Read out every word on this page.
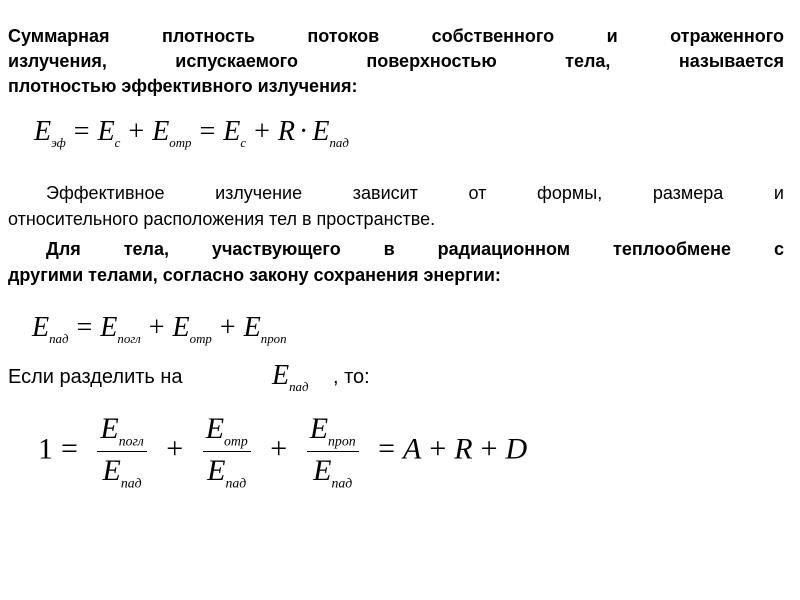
Суммарная	плотность	потоков	собственного	и	отраженного
излучения,	испускаемого	поверхностью	тела,	называется
плотностью эффективного излучения:
$E_{эф} = E_с + E_{отр} = E_с + R \cdot E_{пад}$
Эффективное излучение зависит от формы, размера и
относительного расположения тел в пространстве.
Для тела, участвующего в радиационном теплообмене с
другими телами, согласно закону сохранения энергии:
$E_{пад} = E_{погл} + E_{отр} + E_{проп}$
Если разделить на	$E_{пад}$ , то:
$1 = \frac{E_{погл}}{E_{пад}} + \frac{E_{отр}}{E_{пад}} + \frac{E_{проп}}{E_{пад}} = A + R + D$
